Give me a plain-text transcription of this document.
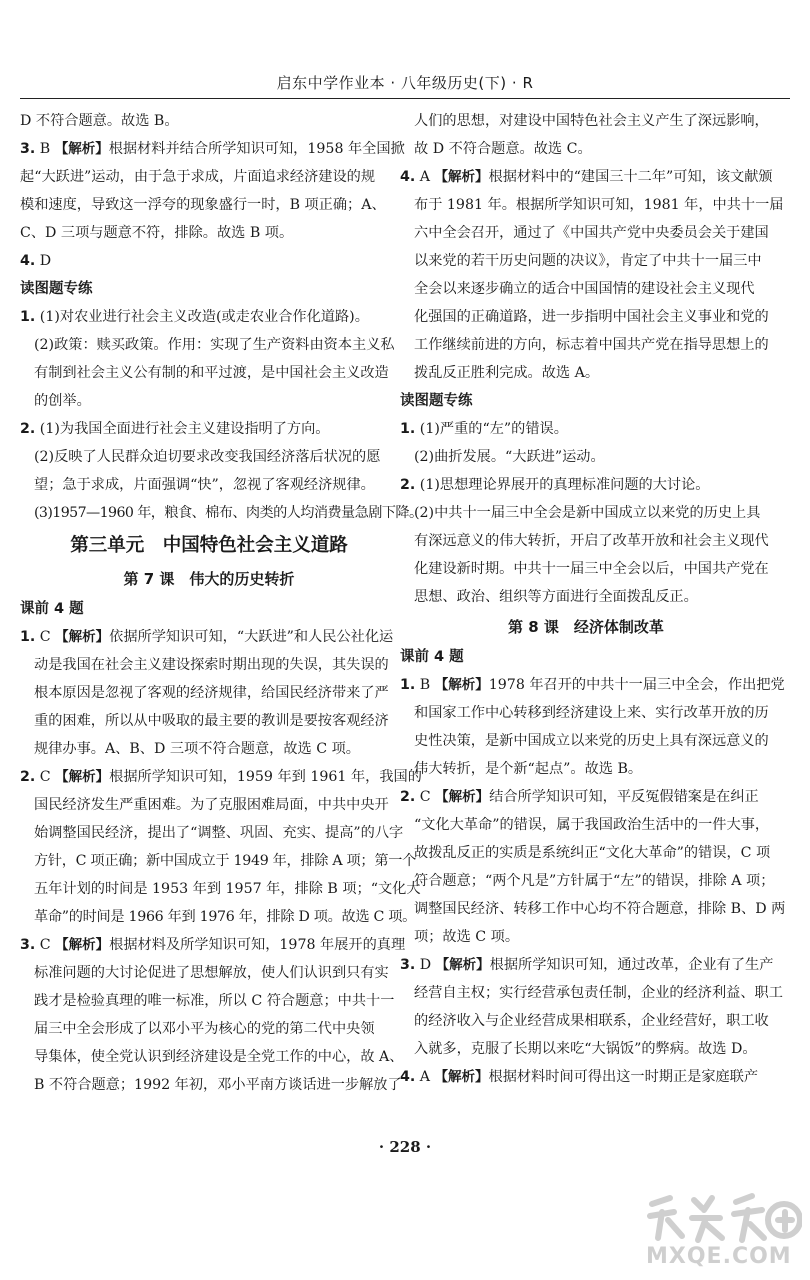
启东中学作业本 · 八年级历史(下) · R
D 不符合题意。故选 B。
3. B 【解析】根据材料并结合所学知识可知，1958 年全国掀
起“大跃进”运动，由于急于求成，片面追求经济建设的规
模和速度，导致这一浮夸的现象盛行一时，B 项正确；A、
C、D 三项与题意不符，排除。故选 B 项。
4. D
读图题专练
1. (1)对农业进行社会主义改造(或走农业合作化道路)。
(2)政策：赎买政策。作用：实现了生产资料由资本主义私
有制到社会主义公有制的和平过渡，是中国社会主义改造
的创举。
2. (1)为我国全面进行社会主义建设指明了方向。
(2)反映了人民群众迫切要求改变我国经济落后状况的愿
望；急于求成，片面强调“快”，忽视了客观经济规律。
(3)1957—1960 年，粮食、棉布、肉类的人均消费量急剧下降。
第三单元　中国特色社会主义道路
第 7 课　伟大的历史转折
课前 4 题
1. C 【解析】依据所学知识可知，“大跃进”和人民公社化运
动是我国在社会主义建设探索时期出现的失误，其失误的
根本原因是忽视了客观的经济规律，给国民经济带来了严
重的困难，所以从中吸取的最主要的教训是要按客观经济
规律办事。A、B、D 三项不符合题意，故选 C 项。
2. C 【解析】根据所学知识可知，1959 年到 1961 年，我国的
国民经济发生严重困难。为了克服困难局面，中共中央开
始调整国民经济，提出了“调整、巩固、充实、提高”的八字
方针，C 项正确；新中国成立于 1949 年，排除 A 项；第一个
五年计划的时间是 1953 年到 1957 年，排除 B 项；“文化大
革命”的时间是 1966 年到 1976 年，排除 D 项。故选 C 项。
3. C 【解析】根据材料及所学知识可知，1978 年展开的真理
标准问题的大讨论促进了思想解放，使人们认识到只有实
践才是检验真理的唯一标准，所以 C 符合题意；中共十一
届三中全会形成了以邓小平为核心的党的第二代中央领
导集体，使全党认识到经济建设是全党工作的中心，故 A、
B 不符合题意；1992 年初，邓小平南方谈话进一步解放了
人们的思想，对建设中国特色社会主义产生了深远影响，
故 D 不符合题意。故选 C。
4. A 【解析】根据材料中的“建国三十二年”可知，该文献颁
布于 1981 年。根据所学知识可知，1981 年，中共十一届
六中全会召开，通过了《中国共产党中央委员会关于建国
以来党的若干历史问题的决议》，肯定了中共十一届三中
全会以来逐步确立的适合中国国情的建设社会主义现代
化强国的正确道路，进一步指明中国社会主义事业和党的
工作继续前进的方向，标志着中国共产党在指导思想上的
拨乱反正胜利完成。故选 A。
读图题专练
1. (1)严重的“左”的错误。
(2)曲折发展。“大跃进”运动。
2. (1)思想理论界展开的真理标准问题的大讨论。
(2)中共十一届三中全会是新中国成立以来党的历史上具
有深远意义的伟大转折，开启了改革开放和社会主义现代
化建设新时期。中共十一届三中全会以后，中国共产党在
思想、政治、组织等方面进行全面拨乱反正。
第 8 课　经济体制改革
课前 4 题
1. B 【解析】1978 年召开的中共十一届三中全会，作出把党
和国家工作中心转移到经济建设上来、实行改革开放的历
史性决策，是新中国成立以来党的历史上具有深远意义的
伟大转折，是个新“起点”。故选 B。
2. C 【解析】结合所学知识可知，平反冤假错案是在纠正
“文化大革命”的错误，属于我国政治生活中的一件大事，
故拨乱反正的实质是系统纠正“文化大革命”的错误，C 项
符合题意；“两个凡是”方针属于“左”的错误，排除 A 项；
调整国民经济、转移工作中心均不符合题意，排除 B、D 两
项；故选 C 项。
3. D 【解析】根据所学知识可知，通过改革，企业有了生产
经营自主权；实行经营承包责任制，企业的经济利益、职工
的经济收入与企业经营成果相联系，企业经营好，职工收
入就多，克服了长期以来吃“大锅饭”的弊病。故选 D。
4. A 【解析】根据材料时间可得出这一时期正是家庭联产
· 228 ·
MXQE.COM
